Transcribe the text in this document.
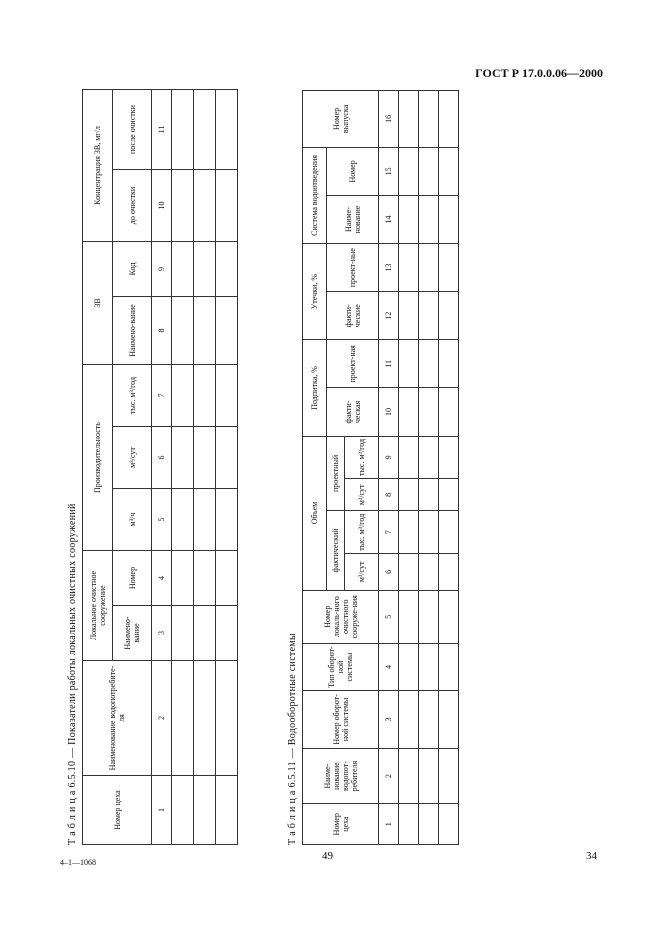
ГОСТ Р 17.0.0.06—2000
Т а б л и ц а 6.5.10 — Показатели работы локальных очистных сооружений	Номер цеха	Наименование водопотребите-ля	Локальное очистное сооружение		Производительность			ЗВ		Концентрация ЗВ, мг/л	
		Наимено-вание	Номер	м³/ч	м³/сут	тыс. м³/год	Наимено-вание	Код	до очистки	после очистки
1	2	3	4	5	6	7	8	9	10	11

Т а б л и ц а 6.5.11 — Водооборотные системы	Номер цеха	Наиме-нование водопот-ребителя	Номер оборот-ной системы	Тип оборот-ной системы	Номер локаль-ного очистного сооруже-ния	Объем				Подпитка, %		Утечки, %		Система водоотведения		Номер выпуска
					фактический		проектный		факти-ческая	проект-ная	факти-ческие	проект-ные	Наиме-нование	Номер	
					м³/сут	тыс. м³/год	м³/сут	тыс. м³/год							
1	2	3	4	5	6	7	8	9	10	11	12	13	14	15	16

4–1—1068
49	34
